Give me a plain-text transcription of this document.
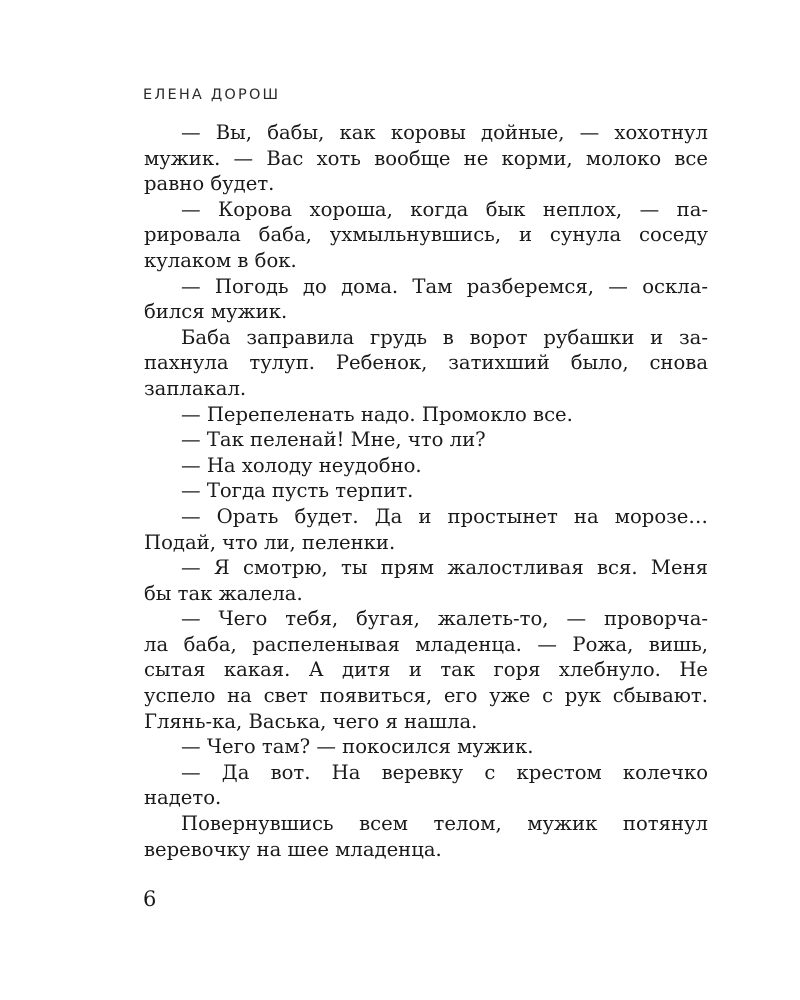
ЕЛЕНА ДОРОШ
— Вы, бабы, как коровы дойные, — хохотнул
мужик. — Вас хоть вообще не корми, молоко все
равно будет.
— Корова хороша, когда бык неплох, — па-
рировала баба, ухмыльнувшись, и сунула соседу
кулаком в бок.
— Погодь до дома. Там разберемся, — оскла-
бился мужик.
Баба заправила грудь в ворот рубашки и за-
пахнула тулуп. Ребенок, затихший было, снова
заплакал.
— Перепеленать надо. Промокло все.
— Так пеленай! Мне, что ли?
— На холоду неудобно.
— Тогда пусть терпит.
— Орать будет. Да и простынет на морозе…
Подай, что ли, пеленки.
— Я смотрю, ты прям жалостливая вся. Меня
бы так жалела.
— Чего тебя, бугая, жалеть-то, — проворча-
ла баба, распеленывая младенца. — Рожа, вишь,
сытая какая. А дитя и так горя хлебнуло. Не
успело на свет появиться, его уже с рук сбывают.
Глянь-ка, Васька, чего я нашла.
— Чего там? — покосился мужик.
— Да вот. На веревку с крестом колечко
надето.
Повернувшись всем телом, мужик потянул
веревочку на шее младенца.
6
